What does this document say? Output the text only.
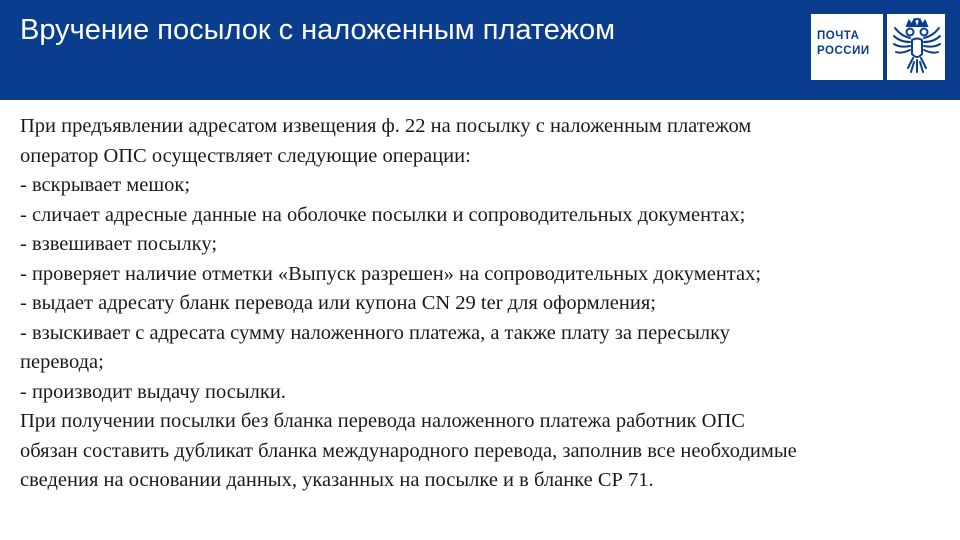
Вручение посылок с наложенным платежом	ПОЧТА РОССИИ
При предъявлении адресатом извещения ф. 22 на посылку с наложенным платежом
оператор ОПС осуществляет следующие операции:
- вскрывает мешок;
- сличает адресные данные на оболочке посылки и сопроводительных документах;
- взвешивает посылку;
- проверяет наличие отметки «Выпуск разрешен» на сопроводительных документах;
- выдает адресату бланк перевода или купона CN 29 ter для оформления;
- взыскивает с адресата сумму наложенного платежа, а также плату за пересылку
перевода;
- производит выдачу посылки.
При получении посылки без бланка перевода наложенного платежа работник ОПС
обязан составить дубликат бланка международного перевода, заполнив все необходимые
сведения на основании данных, указанных на посылке и в бланке СР 71.
